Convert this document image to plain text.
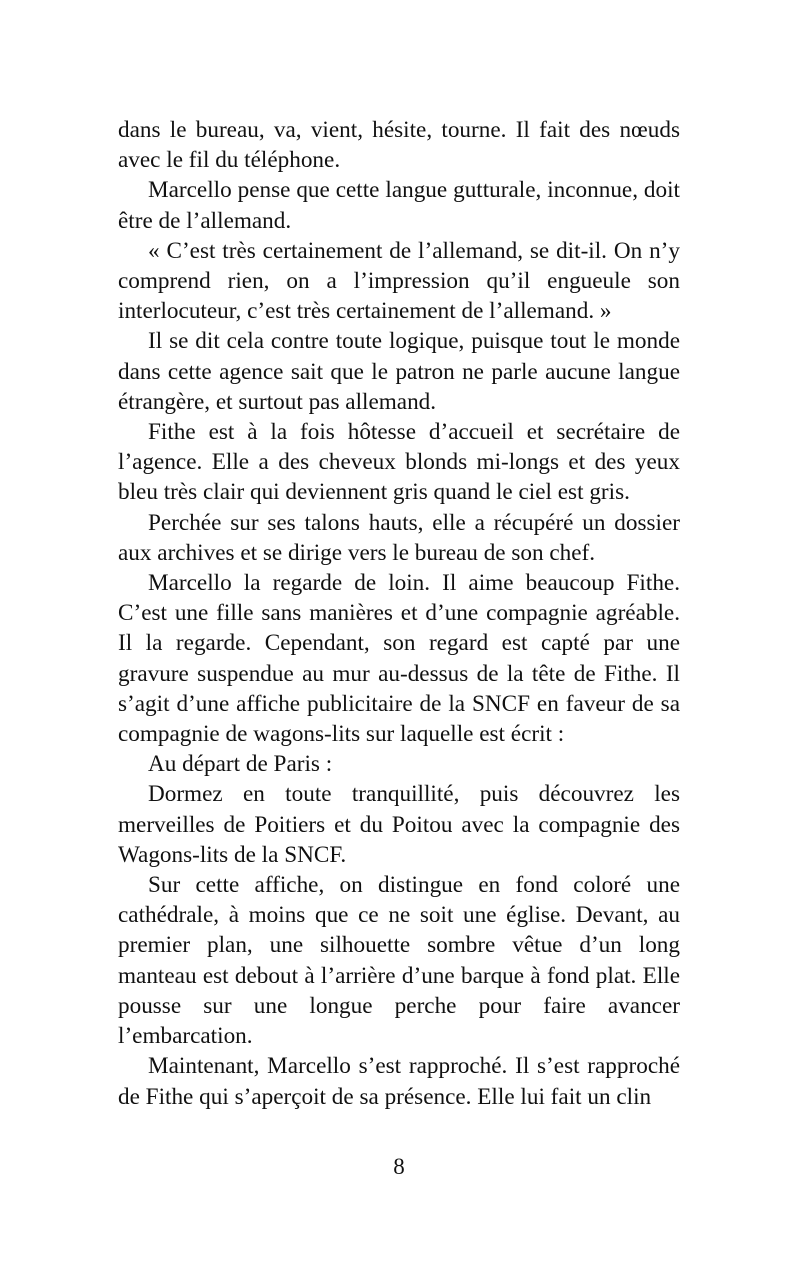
dans le bureau, va, vient, hésite, tourne. Il fait des nœuds avec le fil du téléphone.

Marcello pense que cette langue gutturale, inconnue, doit être de l’allemand.

« C’est très certainement de l’allemand, se dit-il. On n’y comprend rien, on a l’impression qu’il engueule son interlocuteur, c’est très certainement de l’allemand. »

Il se dit cela contre toute logique, puisque tout le monde dans cette agence sait que le patron ne parle aucune langue étrangère, et surtout pas allemand.

Fithe est à la fois hôtesse d’accueil et secrétaire de l’agence. Elle a des cheveux blonds mi-longs et des yeux bleu très clair qui deviennent gris quand le ciel est gris.

Perchée sur ses talons hauts, elle a récupéré un dossier aux archives et se dirige vers le bureau de son chef.

Marcello la regarde de loin. Il aime beaucoup Fithe. C’est une fille sans manières et d’une compagnie agréable. Il la regarde. Cependant, son regard est capté par une gravure suspendue au mur au-dessus de la tête de Fithe. Il s’agit d’une affiche publicitaire de la SNCF en faveur de sa compagnie de wagons-lits sur laquelle est écrit :

Au départ de Paris :

Dormez en toute tranquillité, puis découvrez les merveilles de Poitiers et du Poitou avec la compagnie des Wagons-lits de la SNCF.

Sur cette affiche, on distingue en fond coloré une cathédrale, à moins que ce ne soit une église. Devant, au premier plan, une silhouette sombre vêtue d’un long manteau est debout à l’arrière d’une barque à fond plat. Elle pousse sur une longue perche pour faire avancer l’embarcation.

Maintenant, Marcello s’est rapproché. Il s’est rapproché de Fithe qui s’aperçoit de sa présence. Elle lui fait un clin

8
